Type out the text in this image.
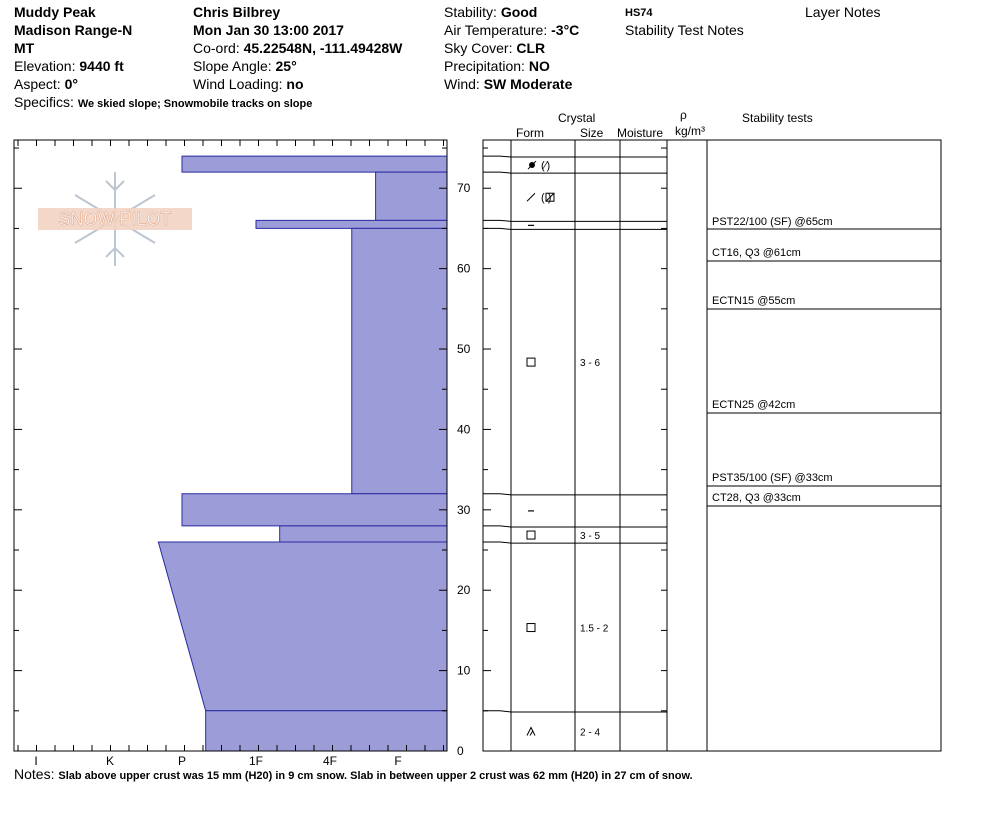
Muddy Peak
Madison Range-N
MT
Elevation: 9440 ft
Aspect: 0°
Specifics: We skied slope; Snowmobile tracks on slope
Chris Bilbrey
Mon Jan 30 13:00 2017
Co-ord: 45.22548N, -111.49428W
Slope Angle: 25°
Wind Loading: no
Stability: Good
Air Temperature: -3°C
Sky Cover: CLR
Precipitation: NO
Wind: SW Moderate
HS74
Stability Test Notes
Layer Notes
Crystal
Form	Size Moisture
ρ
kg/m³
Stability tests
SNOW PILOT
0
10
20
30
40
50
60
70
I	K	P	1F	4F	F
(⁄)
( )
3 - 6
3 - 5
1.5 - 2
2 - 4
PST22/100 (SF) @65cm
CT16, Q3 @61cm
ECTN15 @55cm
ECTN25 @42cm
PST35/100 (SF) @33cm
CT28, Q3 @33cm
Notes: Slab above upper crust was 15 mm (H20) in 9 cm snow. Slab in between upper 2 crust was 62 mm (H20) in 27 cm of snow.
